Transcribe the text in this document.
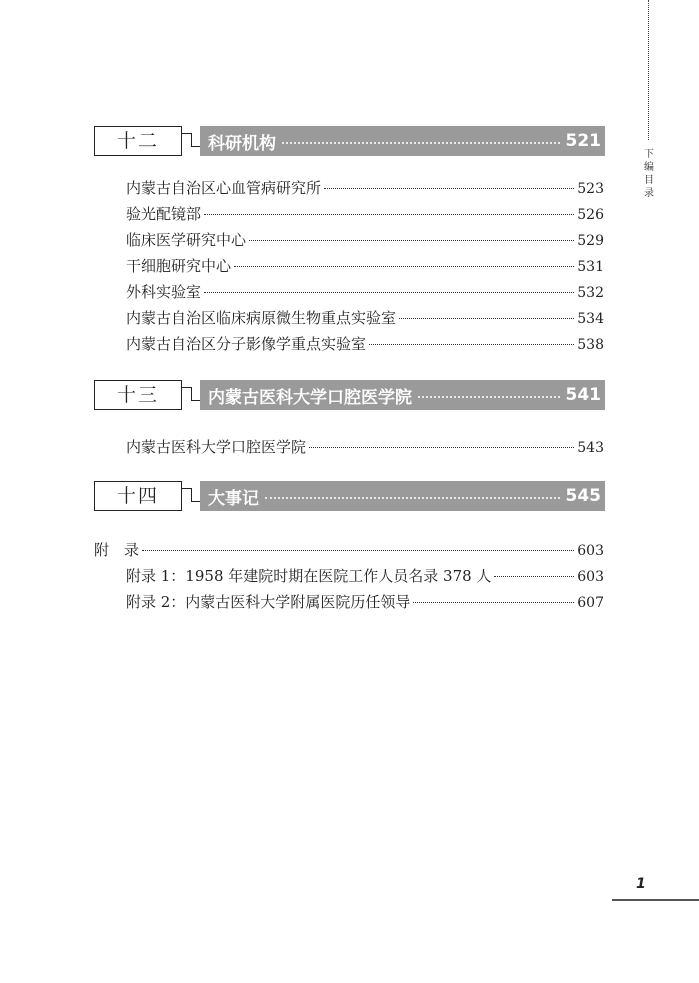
下编目录
十二	科研机构	521
内蒙古自治区心血管病研究所	523
验光配镜部	526
临床医学研究中心	529
干细胞研究中心	531
外科实验室	532
内蒙古自治区临床病原微生物重点实验室	534
内蒙古自治区分子影像学重点实验室	538
十三	内蒙古医科大学口腔医学院	541
内蒙古医科大学口腔医学院	543
十四	大事记	545
附　录	603
附录 1：1958 年建院时期在医院工作人员名录 378 人	603
附录 2：内蒙古医科大学附属医院历任领导	607
1
